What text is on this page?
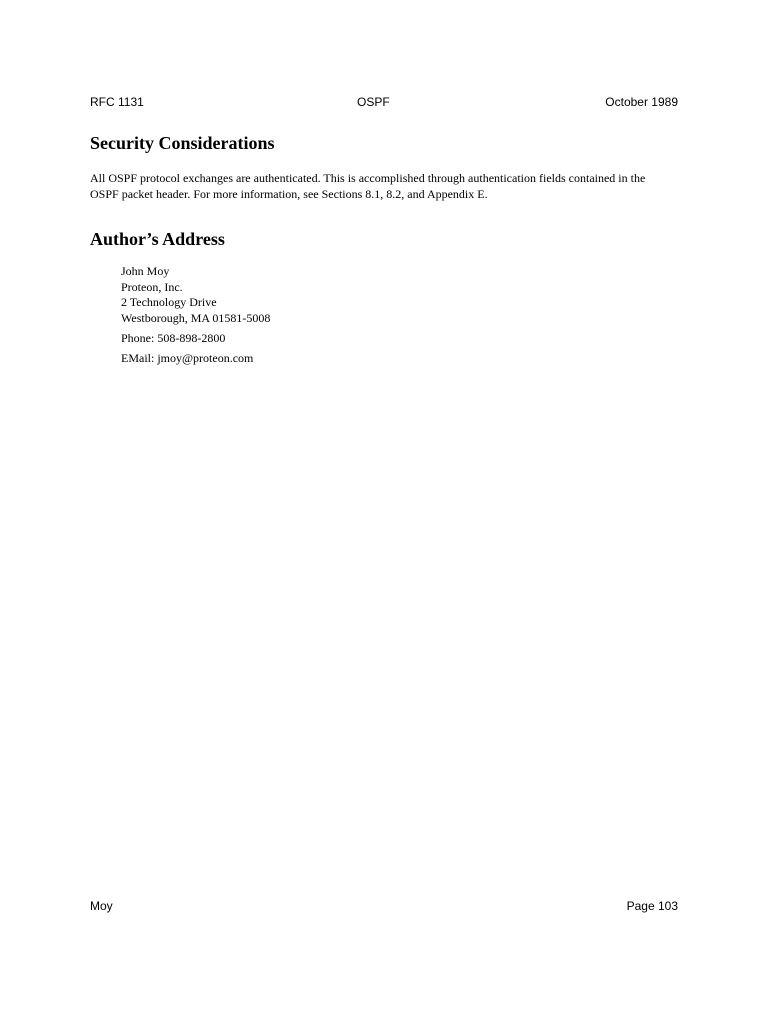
RFC 1131	OSPF	October 1989
Security Considerations

All OSPF protocol exchanges are authenticated. This is accomplished through authentication fields contained in the
OSPF packet header. For more information, see Sections 8.1, 8.2, and Appendix E.

Author’s Address
John Moy
Proteon, Inc.
2 Technology Drive
Westborough, MA 01581-5008
Phone: 508-898-2800
EMail: jmoy@proteon.com
Moy	Page 103
